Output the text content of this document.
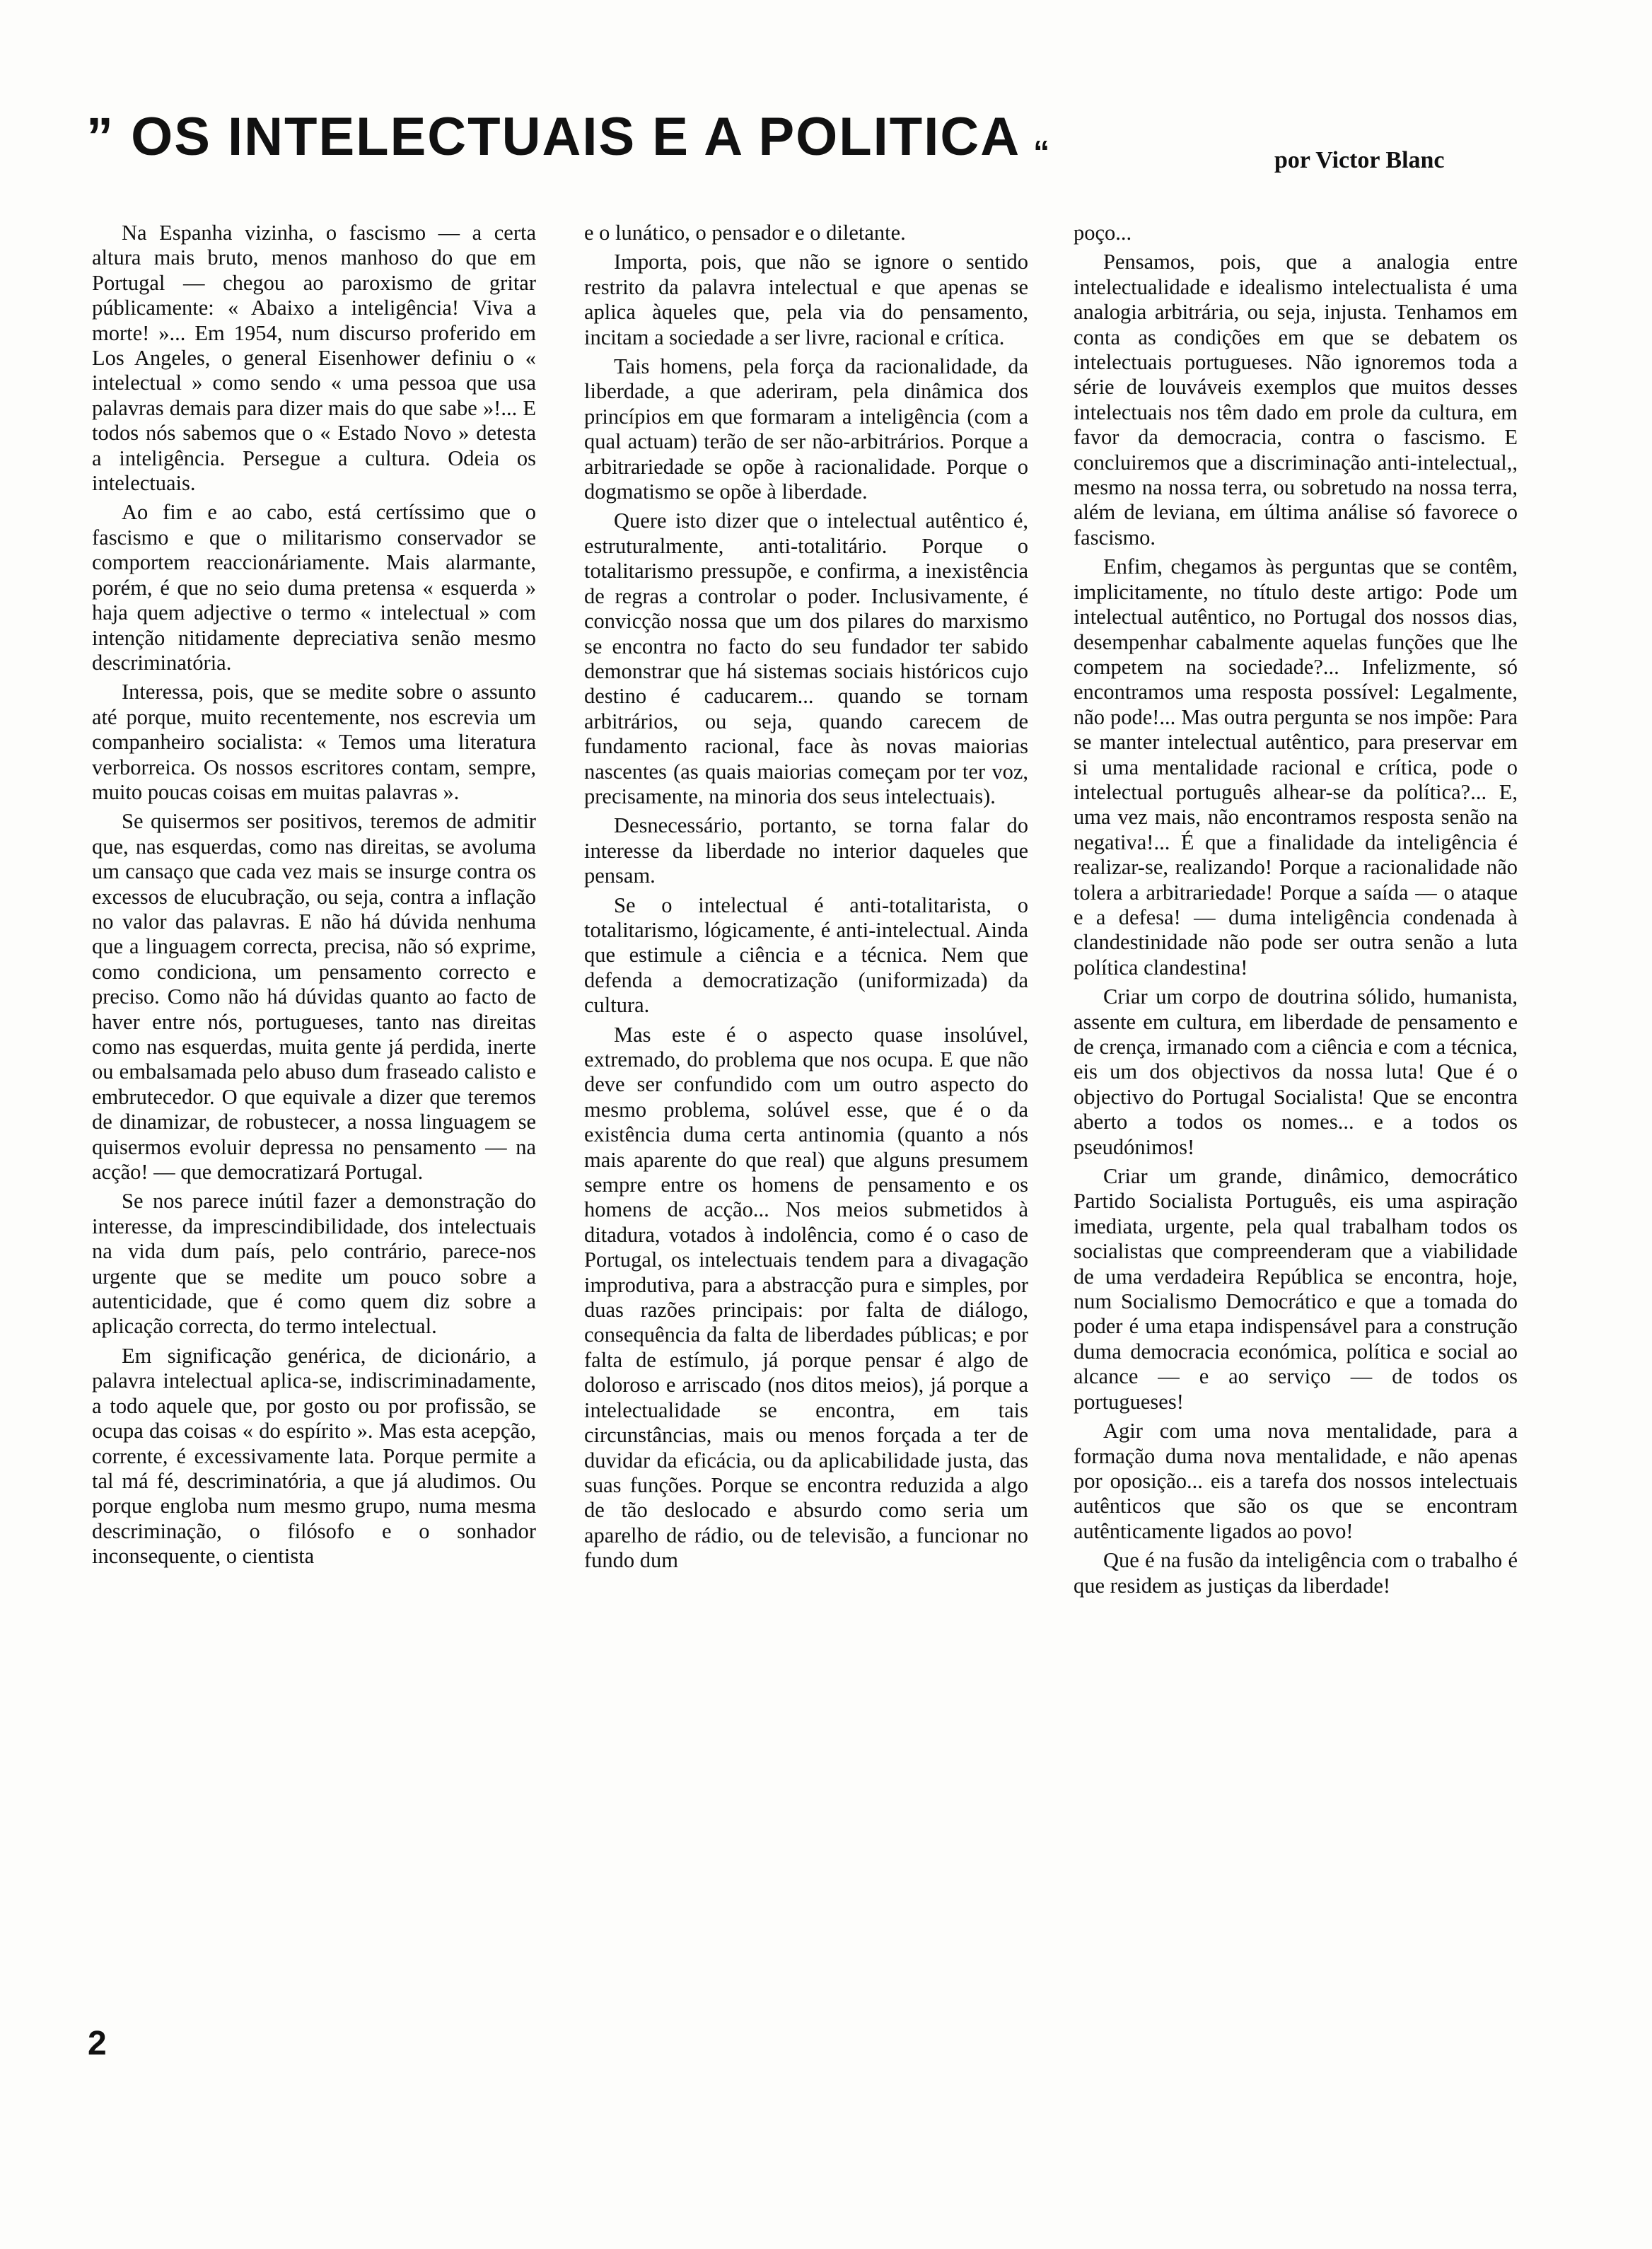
” OS INTELECTUAIS E A POLITICA “	por Victor Blanc

Na Espanha vizinha, o fascismo — a certa altura mais bruto, menos manhoso do que em Portugal — chegou ao paroxismo de gritar públicamente: « Abaixo a inteligência! Viva a morte! »... Em 1954, num discurso proferido em Los Angeles, o general Eisenhower definiu o « intelectual » como sendo « uma pessoa que usa palavras demais para dizer mais do que sabe »!... E todos nós sabemos que o « Estado Novo » detesta a inteligência. Persegue a cultura. Odeia os intelectuais.

Ao fim e ao cabo, está certíssimo que o fascismo e que o militarismo conservador se comportem reaccionáriamente. Mais alarmante, porém, é que no seio duma pretensa « esquerda » haja quem adjective o termo « intelectual » com intenção nitidamente depreciativa senão mesmo descriminatória.

Interessa, pois, que se medite sobre o assunto até porque, muito recentemente, nos escrevia um companheiro socialista: « Temos uma literatura verborreica. Os nossos escritores contam, sempre, muito poucas coisas em muitas palavras ».

Se quisermos ser positivos, teremos de admitir que, nas esquerdas, como nas direitas, se avoluma um cansaço que cada vez mais se insurge contra os excessos de elucubração, ou seja, contra a inflação no valor das palavras. E não há dúvida nenhuma que a linguagem correcta, precisa, não só exprime, como condiciona, um pensamento correcto e preciso. Como não há dúvidas quanto ao facto de haver entre nós, portugueses, tanto nas direitas como nas esquerdas, muita gente já perdida, inerte ou embalsamada pelo abuso dum fraseado calisto e embrutecedor. O que equivale a dizer que teremos de dinamizar, de robustecer, a nossa linguagem se quisermos evoluir depressa no pensamento — na acção! — que democratizará Portugal.

Se nos parece inútil fazer a demonstração do interesse, da imprescindibilidade, dos intelectuais na vida dum país, pelo contrário, parece-nos urgente que se medite um pouco sobre a autenticidade, que é como quem diz sobre a aplicação correcta, do termo intelectual.

Em significação genérica, de dicionário, a palavra intelectual aplica-se, indiscriminadamente, a todo aquele que, por gosto ou por profissão, se ocupa das coisas « do espírito ». Mas esta acepção, corrente, é excessivamente lata. Porque permite a tal má fé, descriminatória, a que já aludimos. Ou porque engloba num mesmo grupo, numa mesma descriminação, o filósofo e o sonhador inconsequente, o cientista

e o lunático, o pensador e o diletante.

Importa, pois, que não se ignore o sentido restrito da palavra intelectual e que apenas se aplica àqueles que, pela via do pensamento, incitam a sociedade a ser livre, racional e crítica.

Tais homens, pela força da racionalidade, da liberdade, a que aderiram, pela dinâmica dos princípios em que formaram a inteligência (com a qual actuam) terão de ser não-arbitrários. Porque a arbitrariedade se opõe à racionalidade. Porque o dogmatismo se opõe à liberdade.

Quere isto dizer que o intelectual autêntico é, estruturalmente, anti-totalitário. Porque o totalitarismo pressupõe, e confirma, a inexistência de regras a controlar o poder. Inclusivamente, é convicção nossa que um dos pilares do marxismo se encontra no facto do seu fundador ter sabido demonstrar que há sistemas sociais históricos cujo destino é caducarem... quando se tornam arbitrários, ou seja, quando carecem de fundamento racional, face às novas maiorias nascentes (as quais maiorias começam por ter voz, precisamente, na minoria dos seus intelectuais).

Desnecessário, portanto, se torna falar do interesse da liberdade no interior daqueles que pensam.

Se o intelectual é anti-totalitarista, o totalitarismo, lógicamente, é anti-intelectual. Ainda que estimule a ciência e a técnica. Nem que defenda a democratização (uniformizada) da cultura.

Mas este é o aspecto quase insolúvel, extremado, do problema que nos ocupa. E que não deve ser confundido com um outro aspecto do mesmo problema, solúvel esse, que é o da existência duma certa antinomia (quanto a nós mais aparente do que real) que alguns presumem sempre entre os homens de pensamento e os homens de acção... Nos meios submetidos à ditadura, votados à indolência, como é o caso de Portugal, os intelectuais tendem para a divagação improdutiva, para a abstracção pura e simples, por duas razões principais: por falta de diálogo, consequência da falta de liberdades públicas; e por falta de estímulo, já porque pensar é algo de doloroso e arriscado (nos ditos meios), já porque a intelectualidade se encontra, em tais circunstâncias, mais ou menos forçada a ter de duvidar da eficácia, ou da aplicabilidade justa, das suas funções. Porque se encontra reduzida a algo de tão deslocado e absurdo como seria um aparelho de rádio, ou de televisão, a funcionar no fundo dum

poço...

Pensamos, pois, que a analogia entre intelectualidade e idealismo intelectualista é uma analogia arbitrária, ou seja, injusta. Tenhamos em conta as condições em que se debatem os intelectuais portugueses. Não ignoremos toda a série de louváveis exemplos que muitos desses intelectuais nos têm dado em prole da cultura, em favor da democracia, contra o fascismo. E concluiremos que a discriminação anti-intelectual,, mesmo na nossa terra, ou sobretudo na nossa terra, além de leviana, em última análise só favorece o fascismo.

Enfim, chegamos às perguntas que se contêm, implicitamente, no título deste artigo: Pode um intelectual autêntico, no Portugal dos nossos dias, desempenhar cabalmente aquelas funções que lhe competem na sociedade?... Infelizmente, só encontramos uma resposta possível: Legalmente, não pode!... Mas outra pergunta se nos impõe: Para se manter intelectual autêntico, para preservar em si uma mentalidade racional e crítica, pode o intelectual português alhear-se da política?... E, uma vez mais, não encontramos resposta senão na negativa!... É que a finalidade da inteligência é realizar-se, realizando! Porque a racionalidade não tolera a arbitrariedade! Porque a saída — o ataque e a defesa! — duma inteligência condenada à clandestinidade não pode ser outra senão a luta política clandestina!

Criar um corpo de doutrina sólido, humanista, assente em cultura, em liberdade de pensamento e de crença, irmanado com a ciência e com a técnica, eis um dos objectivos da nossa luta! Que é o objectivo do Portugal Socialista! Que se encontra aberto a todos os nomes... e a todos os pseudónimos!

Criar um grande, dinâmico, democrático Partido Socialista Português, eis uma aspiração imediata, urgente, pela qual trabalham todos os socialistas que compreenderam que a viabilidade de uma verdadeira República se encontra, hoje, num Socialismo Democrático e que a tomada do poder é uma etapa indispensável para a construção duma democracia económica, política e social ao alcance — e ao serviço — de todos os portugueses!

Agir com uma nova mentalidade, para a formação duma nova mentalidade, e não apenas por oposição... eis a tarefa dos nossos intelectuais autênticos que são os que se encontram autênticamente ligados ao povo!

Que é na fusão da inteligência com o trabalho é que residem as justiças da liberdade!

2
